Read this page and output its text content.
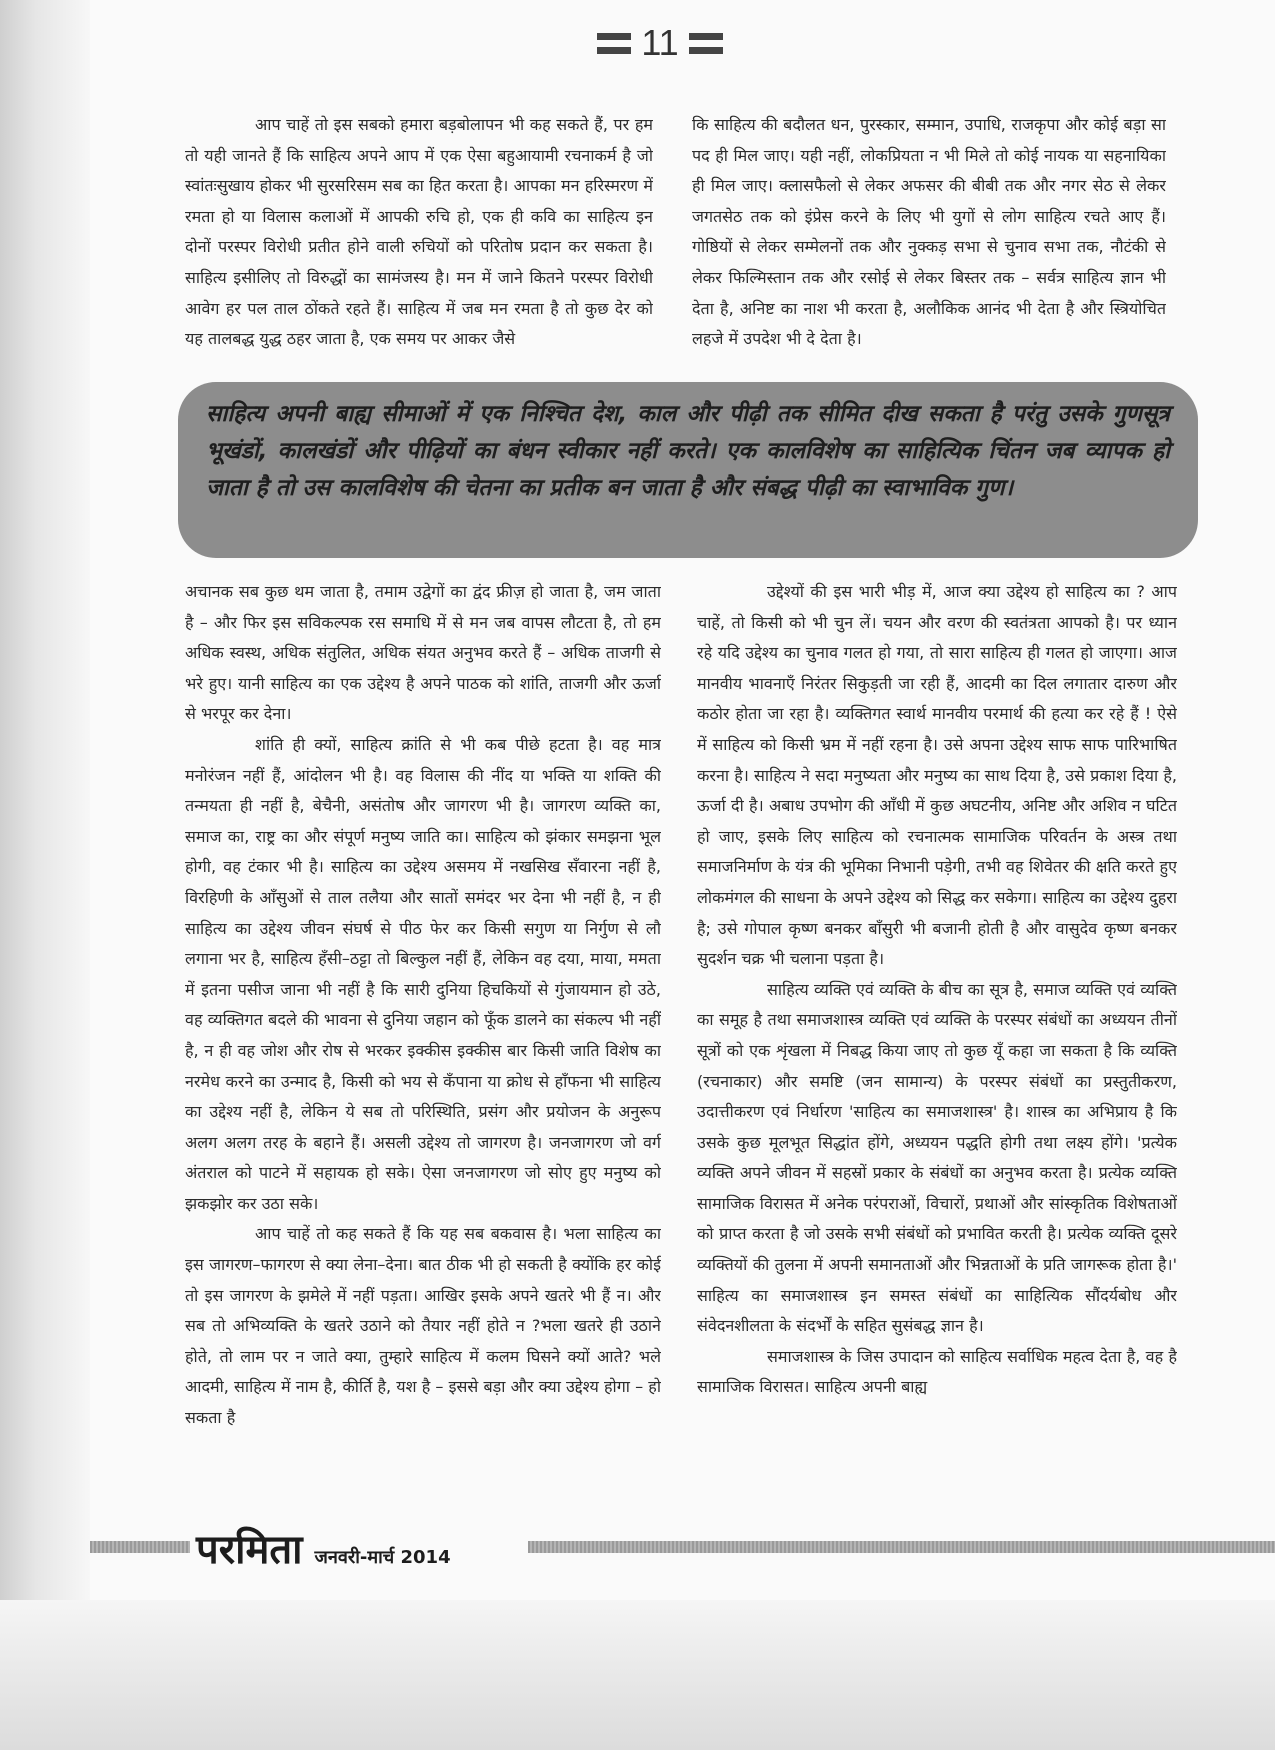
11

आप चाहें तो इस सबको हमारा बड़बोलापन भी कह सकते हैं, पर हम तो यही जानते हैं कि साहित्य अपने आप में एक ऐसा बहुआयामी रचनाकर्म है जो स्वांतःसुखाय होकर भी सुरसरिसम सब का हित करता है। आपका मन हरिस्मरण में रमता हो या विलास कलाओं में आपकी रुचि हो, एक ही कवि का साहित्य इन दोनों परस्पर विरोधी प्रतीत होने वाली रुचियों को परितोष प्रदान कर सकता है। साहित्य इसीलिए तो विरुद्धों का सामंजस्य है। मन में जाने कितने परस्पर विरोधी आवेग हर पल ताल ठोंकते रहते हैं। साहित्य में जब मन रमता है तो कुछ देर को यह तालबद्ध युद्ध ठहर जाता है, एक समय पर आकर जैसे

कि साहित्य की बदौलत धन, पुरस्कार, सम्मान, उपाधि, राजकृपा और कोई बड़ा सा पद ही मिल जाए। यही नहीं, लोकप्रियता न भी मिले तो कोई नायक या सहनायिका ही मिल जाए। क्लासफैलो से लेकर अफसर की बीबी तक और नगर सेठ से लेकर जगतसेठ तक को इंप्रेस करने के लिए भी युगों से लोग साहित्य रचते आए हैं। गोष्ठियों से लेकर सम्मेलनों तक और नुक्कड़ सभा से चुनाव सभा तक, नौटंकी से लेकर फिल्मिस्तान तक और रसोई से लेकर बिस्तर तक – सर्वत्र साहित्य ज्ञान भी देता है, अनिष्ट का नाश भी करता है, अलौकिक आनंद भी देता है और स्त्रियोचित लहजे में उपदेश भी दे देता है।

साहित्य अपनी बाह्य सीमाओं में एक निश्चित देश, काल और पीढ़ी तक सीमित दीख सकता है परंतु उसके गुणसूत्र भूखंडों, कालखंडों और पीढ़ियों का बंधन स्वीकार नहीं करते। एक कालविशेष का साहित्यिक चिंतन जब व्यापक हो जाता है तो उस कालविशेष की चेतना का प्रतीक बन जाता है और संबद्ध पीढ़ी का स्वाभाविक गुण।

अचानक सब कुछ थम जाता है, तमाम उद्वेगों का द्वंद फ्रीज़ हो जाता है, जम जाता है – और फिर इस सविकल्पक रस समाधि में से मन जब वापस लौटता है, तो हम अधिक स्वस्थ, अधिक संतुलित, अधिक संयत अनुभव करते हैं – अधिक ताजगी से भरे हुए। यानी साहित्य का एक उद्देश्य है अपने पाठक को शांति, ताजगी और ऊर्जा से भरपूर कर देना।

शांति ही क्यों, साहित्य क्रांति से भी कब पीछे हटता है। वह मात्र मनोरंजन नहीं हैं, आंदोलन भी है। वह विलास की नींद या भक्ति या शक्ति की तन्मयता ही नहीं है, बेचैनी, असंतोष और जागरण भी है। जागरण व्यक्ति का, समाज का, राष्ट्र का और संपूर्ण मनुष्य जाति का। साहित्य को झंकार समझना भूल होगी, वह टंकार भी है। साहित्य का उद्देश्य असमय में नखसिख सँवारना नहीं है, विरहिणी के आँसुओं से ताल तलैया और सातों समंदर भर देना भी नहीं है, न ही साहित्य का उद्देश्य जीवन संघर्ष से पीठ फेर कर किसी सगुण या निर्गुण से लौ लगाना भर है, साहित्य हँसी–ठट्टा तो बिल्कुल नहीं हैं, लेकिन वह दया, माया, ममता में इतना पसीज जाना भी नहीं है कि सारी दुनिया हिचकियों से गुंजायमान हो उठे, वह व्यक्तिगत बदले की भावना से दुनिया जहान को फूँक डालने का संकल्प भी नहीं है, न ही वह जोश और रोष से भरकर इक्कीस इक्कीस बार किसी जाति विशेष का नरमेध करने का उन्माद है, किसी को भय से कँपाना या क्रोध से हाँफना भी साहित्य का उद्देश्य नहीं है, लेकिन ये सब तो परिस्थिति, प्रसंग और प्रयोजन के अनुरूप अलग अलग तरह के बहाने हैं। असली उद्देश्य तो जागरण है। जनजागरण जो वर्ग अंतराल को पाटने में सहायक हो सके। ऐसा जनजागरण जो सोए हुए मनुष्य को झकझोर कर उठा सके।

आप चाहें तो कह सकते हैं कि यह सब बकवास है। भला साहित्य का इस जागरण–फागरण से क्या लेना–देना। बात ठीक भी हो सकती है क्योंकि हर कोई तो इस जागरण के झमेले में नहीं पड़ता। आखिर इसके अपने खतरे भी हैं न। और सब तो अभिव्यक्ति के खतरे उठाने को तैयार नहीं होते न ?भला खतरे ही उठाने होते, तो लाम पर न जाते क्या, तुम्हारे साहित्य में कलम घिसने क्यों आते? भले आदमी, साहित्य में नाम है, कीर्ति है, यश है – इससे बड़ा और क्या उद्देश्य होगा – हो सकता है

उद्देश्यों की इस भारी भीड़ में, आज क्या उद्देश्य हो साहित्य का ? आप चाहें, तो किसी को भी चुन लें। चयन और वरण की स्वतंत्रता आपको है। पर ध्यान रहे यदि उद्देश्य का चुनाव गलत हो गया, तो सारा साहित्य ही गलत हो जाएगा। आज मानवीय भावनाएँ निरंतर सिकुड़ती जा रही हैं, आदमी का दिल लगातार दारुण और कठोर होता जा रहा है। व्यक्तिगत स्वार्थ मानवीय परमार्थ की हत्या कर रहे हैं ! ऐसे में साहित्य को किसी भ्रम में नहीं रहना है। उसे अपना उद्देश्य साफ साफ पारिभाषित करना है। साहित्य ने सदा मनुष्यता और मनुष्य का साथ दिया है, उसे प्रकाश दिया है, ऊर्जा दी है। अबाध उपभोग की आँधी में कुछ अघटनीय, अनिष्ट और अशिव न घटित हो जाए, इसके लिए साहित्य को रचनात्मक सामाजिक परिवर्तन के अस्त्र तथा समाजनिर्माण के यंत्र की भूमिका निभानी पड़ेगी, तभी वह शिवेतर की क्षति करते हुए लोकमंगल की साधना के अपने उद्देश्य को सिद्ध कर सकेगा। साहित्य का उद्देश्य दुहरा है; उसे गोपाल कृष्ण बनकर बाँसुरी भी बजानी होती है और वासुदेव कृष्ण बनकर सुदर्शन चक्र भी चलाना पड़ता है।

साहित्य व्यक्ति एवं व्यक्ति के बीच का सूत्र है, समाज व्यक्ति एवं व्यक्ति का समूह है तथा समाजशास्त्र व्यक्ति एवं व्यक्ति के परस्पर संबंधों का अध्ययन तीनों सूत्रों को एक शृंखला में निबद्ध किया जाए तो कुछ यूँ कहा जा सकता है कि व्यक्ति (रचनाकार) और समष्टि (जन सामान्य) के परस्पर संबंधों का प्रस्तुतीकरण, उदात्तीकरण एवं निर्धारण 'साहित्य का समाजशास्त्र' है। शास्त्र का अभिप्राय है कि उसके कुछ मूलभूत सिद्धांत होंगे, अध्ययन पद्धति होगी तथा लक्ष्य होंगे। 'प्रत्येक व्यक्ति अपने जीवन में सहस्रों प्रकार के संबंधों का अनुभव करता है। प्रत्येक व्यक्ति सामाजिक विरासत में अनेक परंपराओं, विचारों, प्रथाओं और सांस्कृतिक विशेषताओं को प्राप्त करता है जो उसके सभी संबंधों को प्रभावित करती है। प्रत्येक व्यक्ति दूसरे व्यक्तियों की तुलना में अपनी समानताओं और भिन्नताओं के प्रति जागरूक होता है।' साहित्य का समाजशास्त्र इन समस्त संबंधों का साहित्यिक सौंदर्यबोध और संवेदनशीलता के संदर्भों के सहित सुसंबद्ध ज्ञान है।

समाजशास्त्र के जिस उपादान को साहित्य सर्वाधिक महत्व देता है, वह है सामाजिक विरासत। साहित्य अपनी बाह्य

परमिता जनवरी-मार्च 2014
